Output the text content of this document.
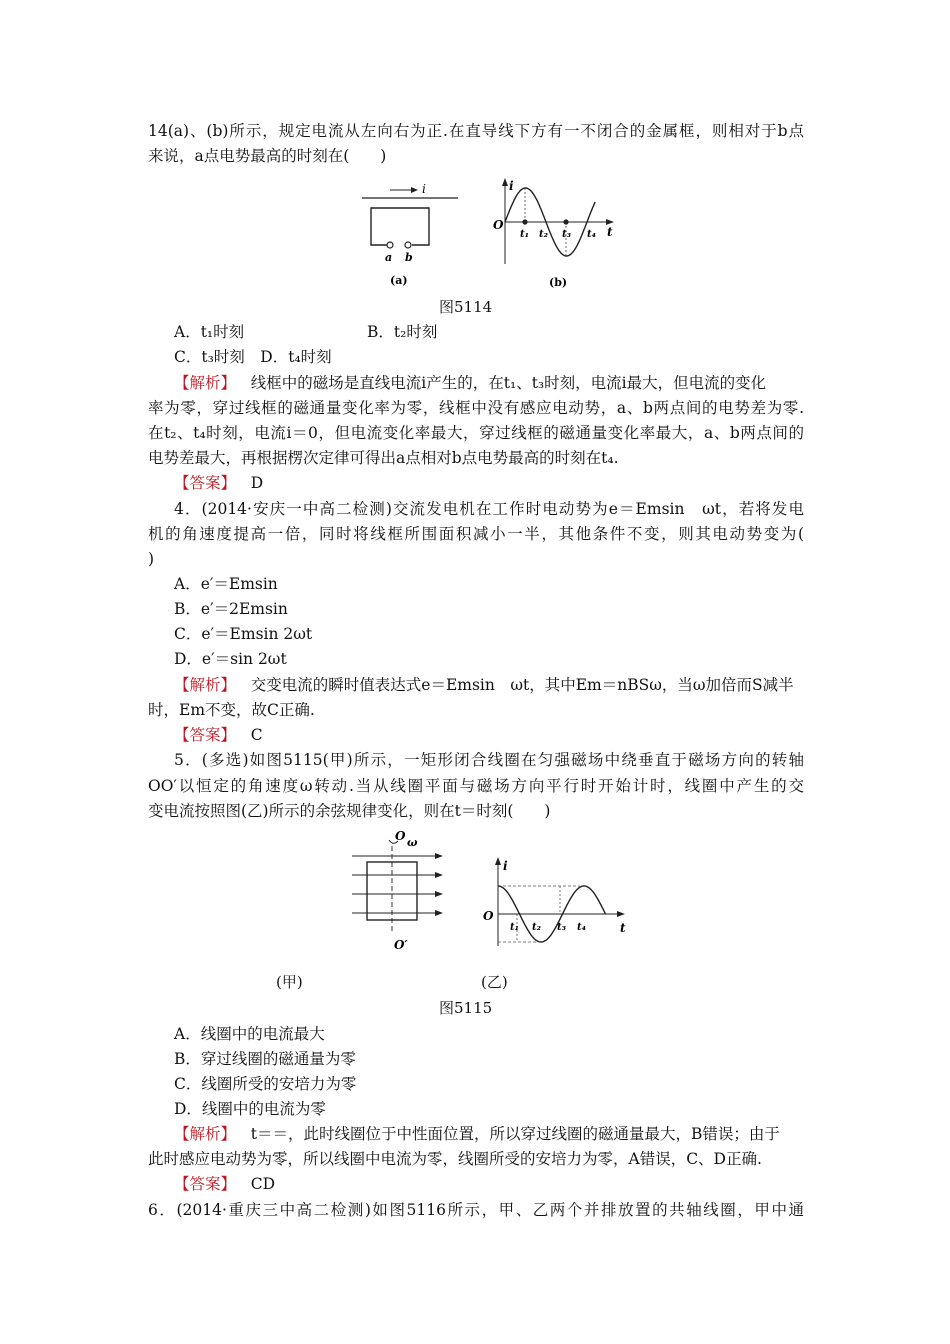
14(a)、(b)所示，规定电流从左向右为正.在直导线下方有一不闭合的金属框，则相对于b点
来说，a点电势最高的时刻在(　　)
i
a b
(a)
i
t
O
t₁ t₂ t₃ t₄
(b)
图5114
A．t₁时刻	B．t₂时刻
C．t₃时刻　D．t₄时刻
【解析】 线框中的磁场是直线电流i产生的，在t₁、t₃时刻，电流i最大，但电流的变化
率为零，穿过线框的磁通量变化率为零，线框中没有感应电动势，a、b两点间的电势差为零.
在t₂、t₄时刻，电流i＝0，但电流变化率最大，穿过线框的磁通量变化率最大，a、b两点间的
电势差最大，再根据楞次定律可得出a点相对b点电势最高的时刻在t₄.
【答案】 D
4．(2014·安庆一中高二检测)交流发电机在工作时电动势为e＝Emsin　ωt，若将发电
机的角速度提高一倍，同时将线框所围面积减小一半，其他条件不变，则其电动势变为(
)
A．e′＝Emsin
B．e′＝2Emsin
C．e′＝Emsin 2ωt
D．e′＝sin 2ωt
【解析】 交变电流的瞬时值表达式e＝Emsin　ωt，其中Em＝nBSω，当ω加倍而S减半
时，Em不变，故C正确.
【答案】 C
5．(多选)如图5115(甲)所示，一矩形闭合线圈在匀强磁场中绕垂直于磁场方向的转轴
OO′以恒定的角速度ω转动.当从线圈平面与磁场方向平行时开始计时，线圈中产生的交
变电流按照图(乙)所示的余弦规律变化，则在t＝时刻(　　)
O ω
O′
i
t
O
t₁ t₂ t₃ t₄
(甲)	(乙)
图5115
A．线圈中的电流最大
B．穿过线圈的磁通量为零
C．线圈所受的安培力为零
D．线圈中的电流为零
【解析】 t＝＝，此时线圈位于中性面位置，所以穿过线圈的磁通量最大，B错误；由于
此时感应电动势为零，所以线圈中电流为零，线圈所受的安培力为零，A错误，C、D正确.
【答案】 CD
6．(2014·重庆三中高二检测)如图5116所示，甲、乙两个并排放置的共轴线圈，甲中通
